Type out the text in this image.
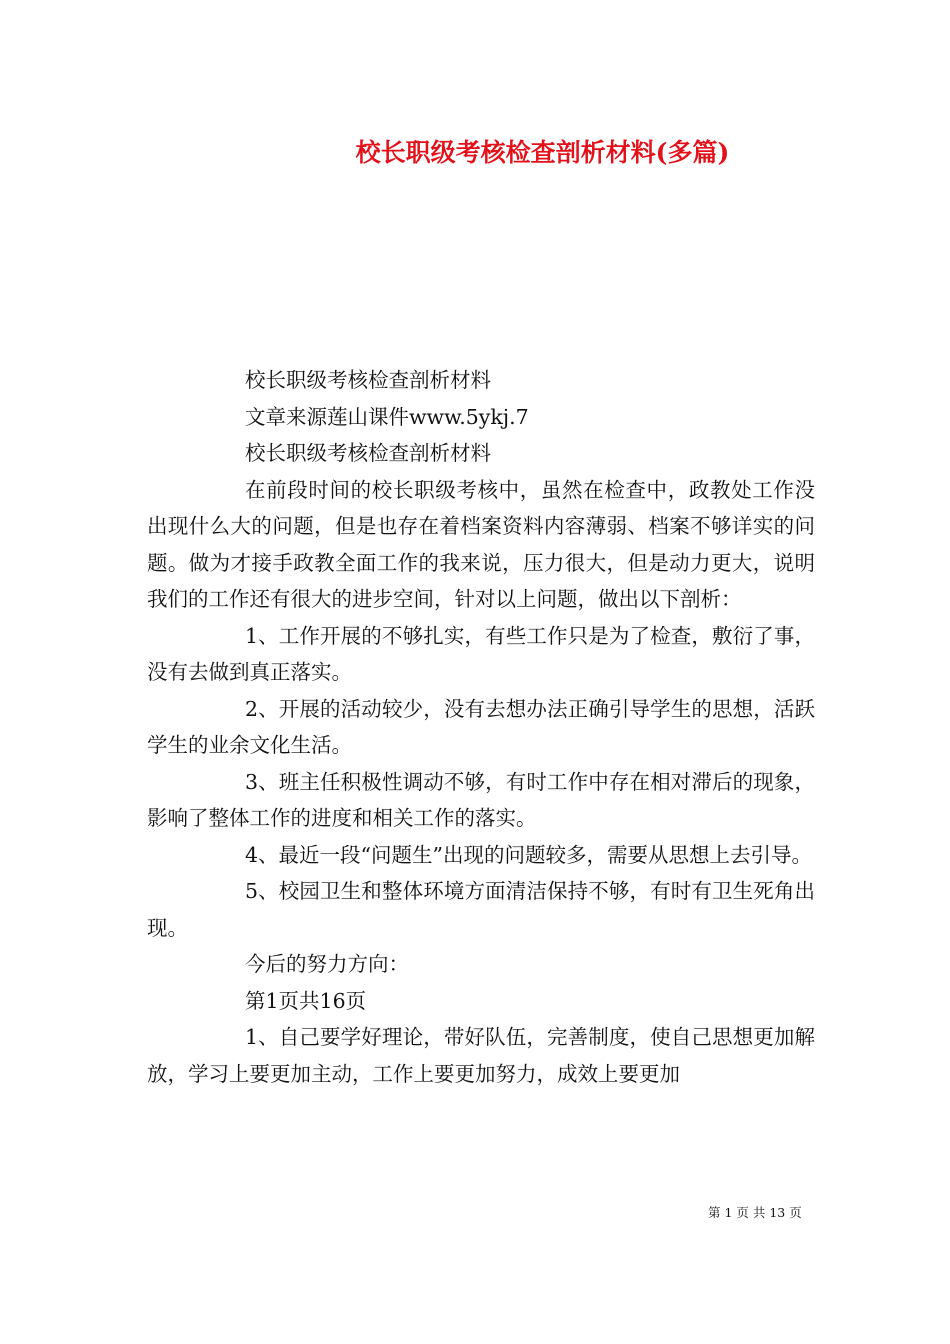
校长职级考核检查剖析材料(多篇)

校长职级考核检查剖析材料

文章来源莲山课件www.5ykj.7

校长职级考核检查剖析材料

在前段时间的校长职级考核中，虽然在检查中，政教处工作没出现什么大的问题，但是也存在着档案资料内容薄弱、档案不够详实的问题。做为才接手政教全面工作的我来说，压力很大，但是动力更大，说明我们的工作还有很大的进步空间，针对以上问题，做出以下剖析：

1、工作开展的不够扎实，有些工作只是为了检查，敷衍了事，没有去做到真正落实。

2、开展的活动较少，没有去想办法正确引导学生的思想，活跃学生的业余文化生活。

3、班主任积极性调动不够，有时工作中存在相对滞后的现象，影响了整体工作的进度和相关工作的落实。

4、最近一段“问题生”出现的问题较多，需要从思想上去引导。

5、校园卫生和整体环境方面清洁保持不够，有时有卫生死角出现。

今后的努力方向：

第1页共16页

1、自己要学好理论，带好队伍，完善制度，使自己思想更加解放，学习上要更加主动，工作上要更加努力，成效上要更加

第 1 页 共 13 页
